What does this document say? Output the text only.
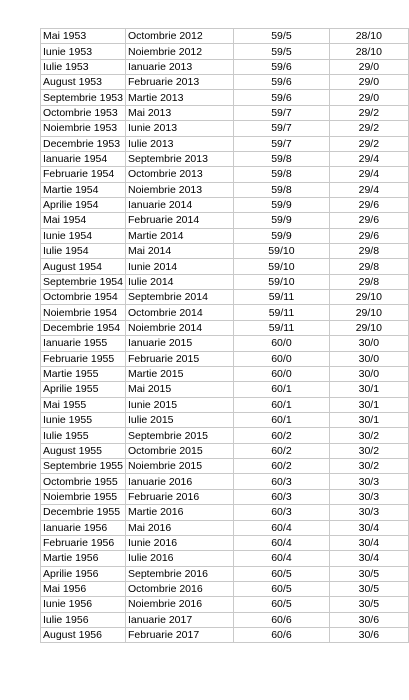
Mai 1953	Octombrie 2012	59/5	28/10
Iunie 1953	Noiembrie 2012	59/5	28/10
Iulie 1953	Ianuarie 2013	59/6	29/0
August 1953	Februarie 2013	59/6	29/0
Septembrie 1953	Martie 2013	59/6	29/0
Octombrie 1953	Mai 2013	59/7	29/2
Noiembrie 1953	Iunie 2013	59/7	29/2
Decembrie 1953	Iulie 2013	59/7	29/2
Ianuarie 1954	Septembrie 2013	59/8	29/4
Februarie 1954	Octombrie 2013	59/8	29/4
Martie 1954	Noiembrie 2013	59/8	29/4
Aprilie 1954	Ianuarie 2014	59/9	29/6
Mai 1954	Februarie 2014	59/9	29/6
Iunie 1954	Martie 2014	59/9	29/6
Iulie 1954	Mai 2014	59/10	29/8
August 1954	Iunie 2014	59/10	29/8
Septembrie 1954	Iulie 2014	59/10	29/8
Octombrie 1954	Septembrie 2014	59/11	29/10
Noiembrie 1954	Octombrie 2014	59/11	29/10
Decembrie 1954	Noiembrie 2014	59/11	29/10
Ianuarie 1955	Ianuarie 2015	60/0	30/0
Februarie 1955	Februarie 2015	60/0	30/0
Martie 1955	Martie 2015	60/0	30/0
Aprilie 1955	Mai 2015	60/1	30/1
Mai 1955	Iunie 2015	60/1	30/1
Iunie 1955	Iulie 2015	60/1	30/1
Iulie 1955	Septembrie 2015	60/2	30/2
August 1955	Octombrie 2015	60/2	30/2
Septembrie 1955	Noiembrie 2015	60/2	30/2
Octombrie 1955	Ianuarie 2016	60/3	30/3
Noiembrie 1955	Februarie 2016	60/3	30/3
Decembrie 1955	Martie 2016	60/3	30/3
Ianuarie 1956	Mai 2016	60/4	30/4
Februarie 1956	Iunie 2016	60/4	30/4
Martie 1956	Iulie 2016	60/4	30/4
Aprilie 1956	Septembrie 2016	60/5	30/5
Mai 1956	Octombrie 2016	60/5	30/5
Iunie 1956	Noiembrie 2016	60/5	30/5
Iulie 1956	Ianuarie 2017	60/6	30/6
August 1956	Februarie 2017	60/6	30/6
